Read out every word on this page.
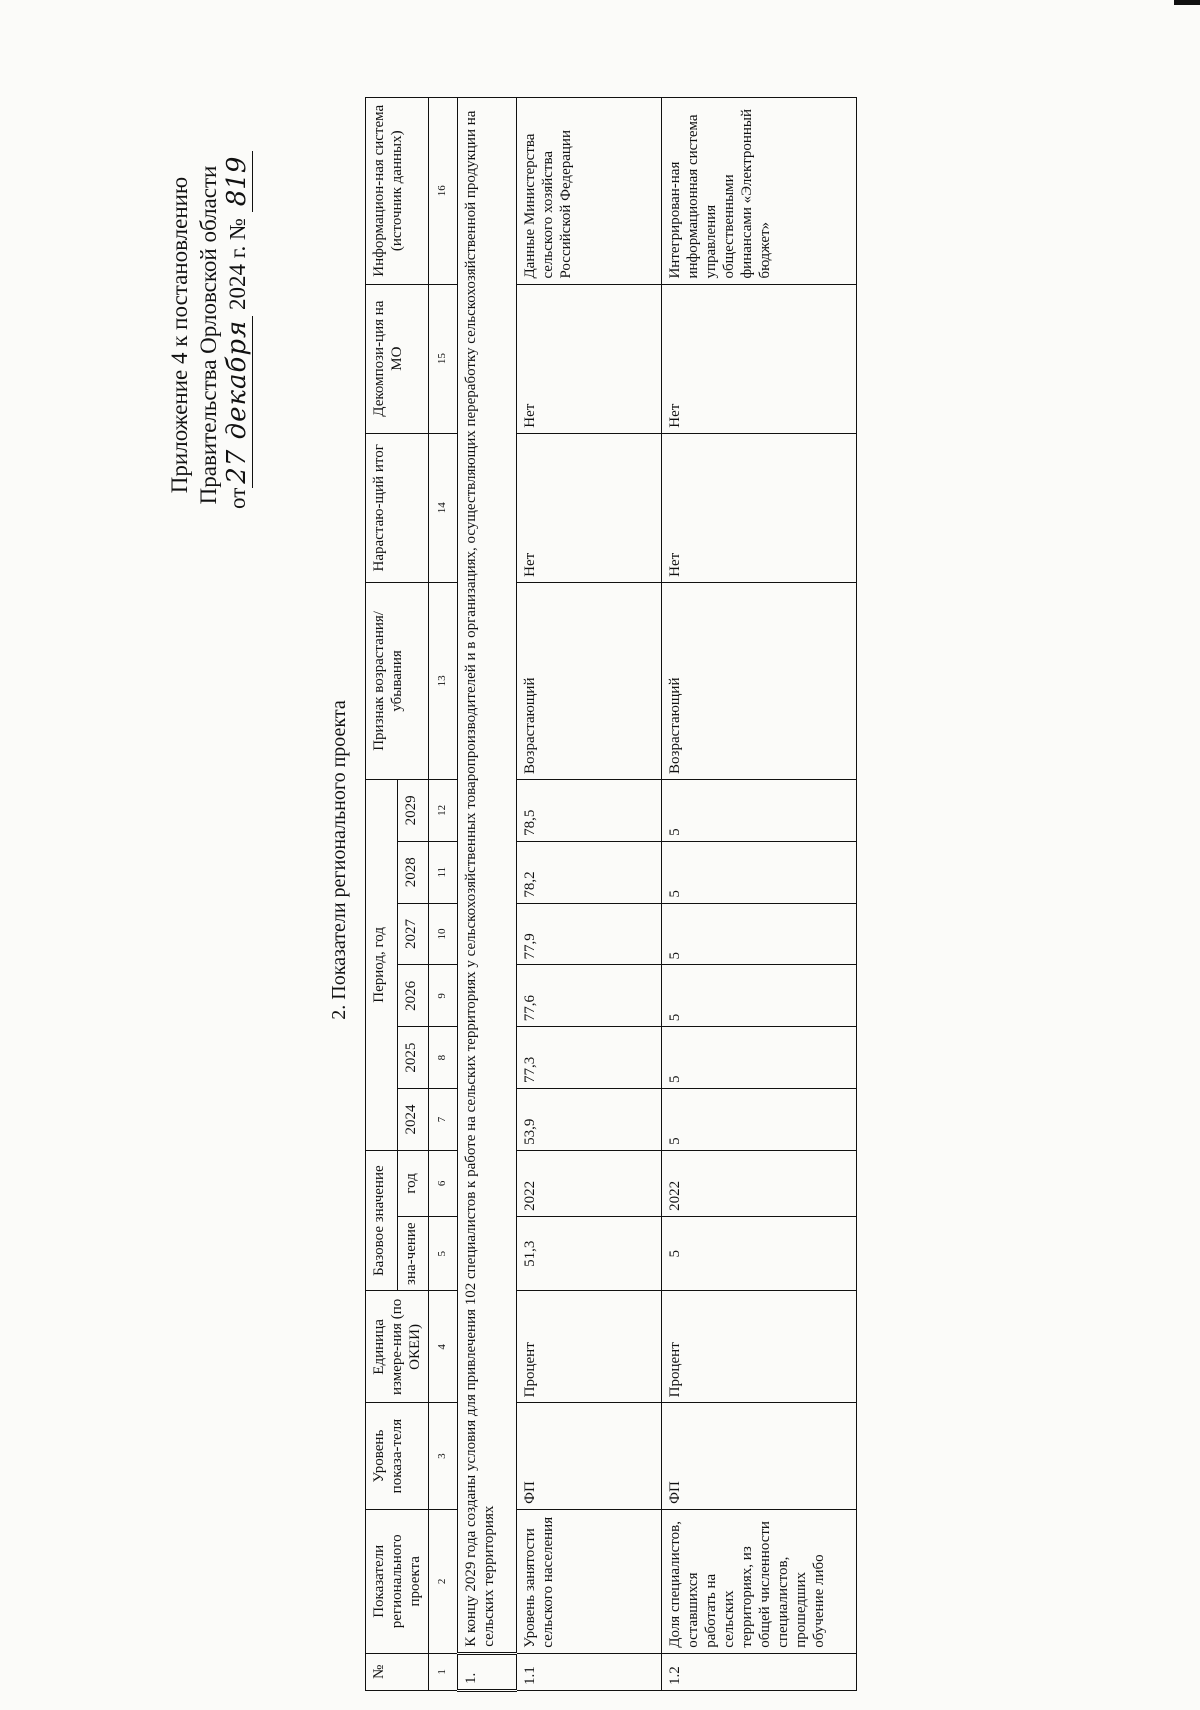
Приложение 4 к постановлению Правительства Орловской области от27 декабря 2024 г. № 819
2. Показатели регионального проекта
№	Показатели регионального проекта	Уровень показа-теля	Единица измере-ния (по ОКЕИ)	Базовое значение		Период, год						Признак возрастания/ убывания	Нарастаю-щий итог	Декомпози-ция на МО	Информацион-ная система (источник данных)
				зна-чение	год	2024	2025	2026	2027	2028	2029				
1	2	3	4	5	6	7	8	9	10	11	12	13	14	15	16
1.	К концу 2029 года созданы условия для привлечения 102 специалистов к работе на сельских территориях у сельскохозяйственных товаропроизводителей и в организациях, осуществляющих переработку сельскохозяйственной продукции на сельских территориях														
1.1	Уровень занятости сельского населения	ФП	Процент	51,3	2022	53,9	77,3	77,6	77,9	78,2	78,5	Возрастающий	Нет	Нет	Данные Министерства сельского хозяйства Российской Федерации
1.2	Доля специалистов, оставшихся работать на сельских территориях, из общей численности специалистов, прошедших обучение либо	ФП	Процент	5	2022	5	5	5	5	5	5	Возрастающий	Нет	Нет	Интегрирован-ная информационная система управления общественными финансами «Электронный бюджет»
